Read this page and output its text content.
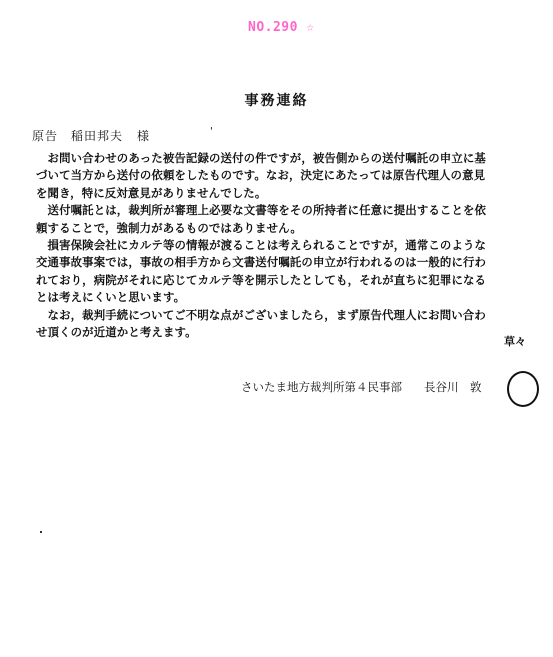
NO.290 ☆
事務連絡
原告　稲田邦夫 様	'
　お問い合わせのあった被告記録の送付の件ですが，被告側からの送付嘱託の申立に基
づいて当方から送付の依頼をしたものです。なお，決定にあたっては原告代理人の意見
を聞き，特に反対意見がありませんでした。
　送付嘱託とは，裁判所が審理上必要な文書等をその所持者に任意に提出することを依
頼することで，強制力があるものではありません。
　損害保険会社にカルテ等の情報が渡ることは考えられることですが，通常このような
交通事故事案では，事故の相手方から文書送付嘱託の申立が行われるのは一般的に行わ
れており，病院がそれに応じてカルテ等を開示したとしても，それが直ちに犯罪になる
とは考えにくいと思います。
　なお，裁判手続についてご不明な点がございましたら，まず原告代理人にお問い合わ
せ頂くのが近道かと考えます。
草々
さいたま地方裁判所第４民事部 長谷川　敦
